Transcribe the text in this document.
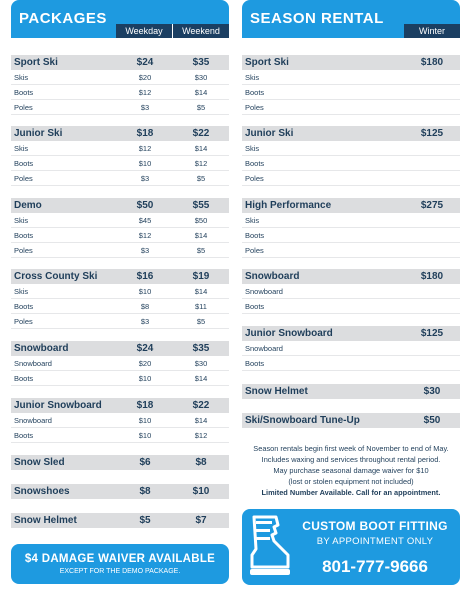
PACKAGES
Weekday	Weekend
Sport Ski	$24	$35
Skis	$20	$30
Boots	$12	$14
Poles	$3	$5
Junior Ski	$18	$22
Skis	$12	$14
Boots	$10	$12
Poles	$3	$5
Demo	$50	$55
Skis	$45	$50
Boots	$12	$14
Poles	$3	$5
Cross County Ski	$16	$19
Skis	$10	$14
Boots	$8	$11
Poles	$3	$5
Snowboard	$24	$35
Snowboard	$20	$30
Boots	$10	$14
Junior Snowboard	$18	$22
Snowboard	$10	$14
Boots	$10	$12
Snow Sled	$6	$8
Snowshoes	$8	$10
Snow Helmet	$5	$7
SEASON RENTAL
Winter
Sport Ski	$180
Skis
Boots
Poles
Junior Ski	$125
Skis
Boots
Poles
High Performance	$275
Skis
Boots
Poles
Snowboard	$180
Snowboard
Boots
Junior Snowboard	$125
Snowboard
Boots
Snow Helmet	$30
Ski/Snowboard Tune-Up	$50
Season rentals begin first week of November to end of May.
Includes waxing and services throughout rental period.
May purchase seasonal damage waiver for $10
(lost or stolen equipment not included)
Limited Number Available. Call for an appointment.
$4 DAMAGE WAIVER AVAILABLE
EXCEPT FOR THE DEMO PACKAGE.
CUSTOM BOOT FITTING
BY APPOINTMENT ONLY
801-777-9666
